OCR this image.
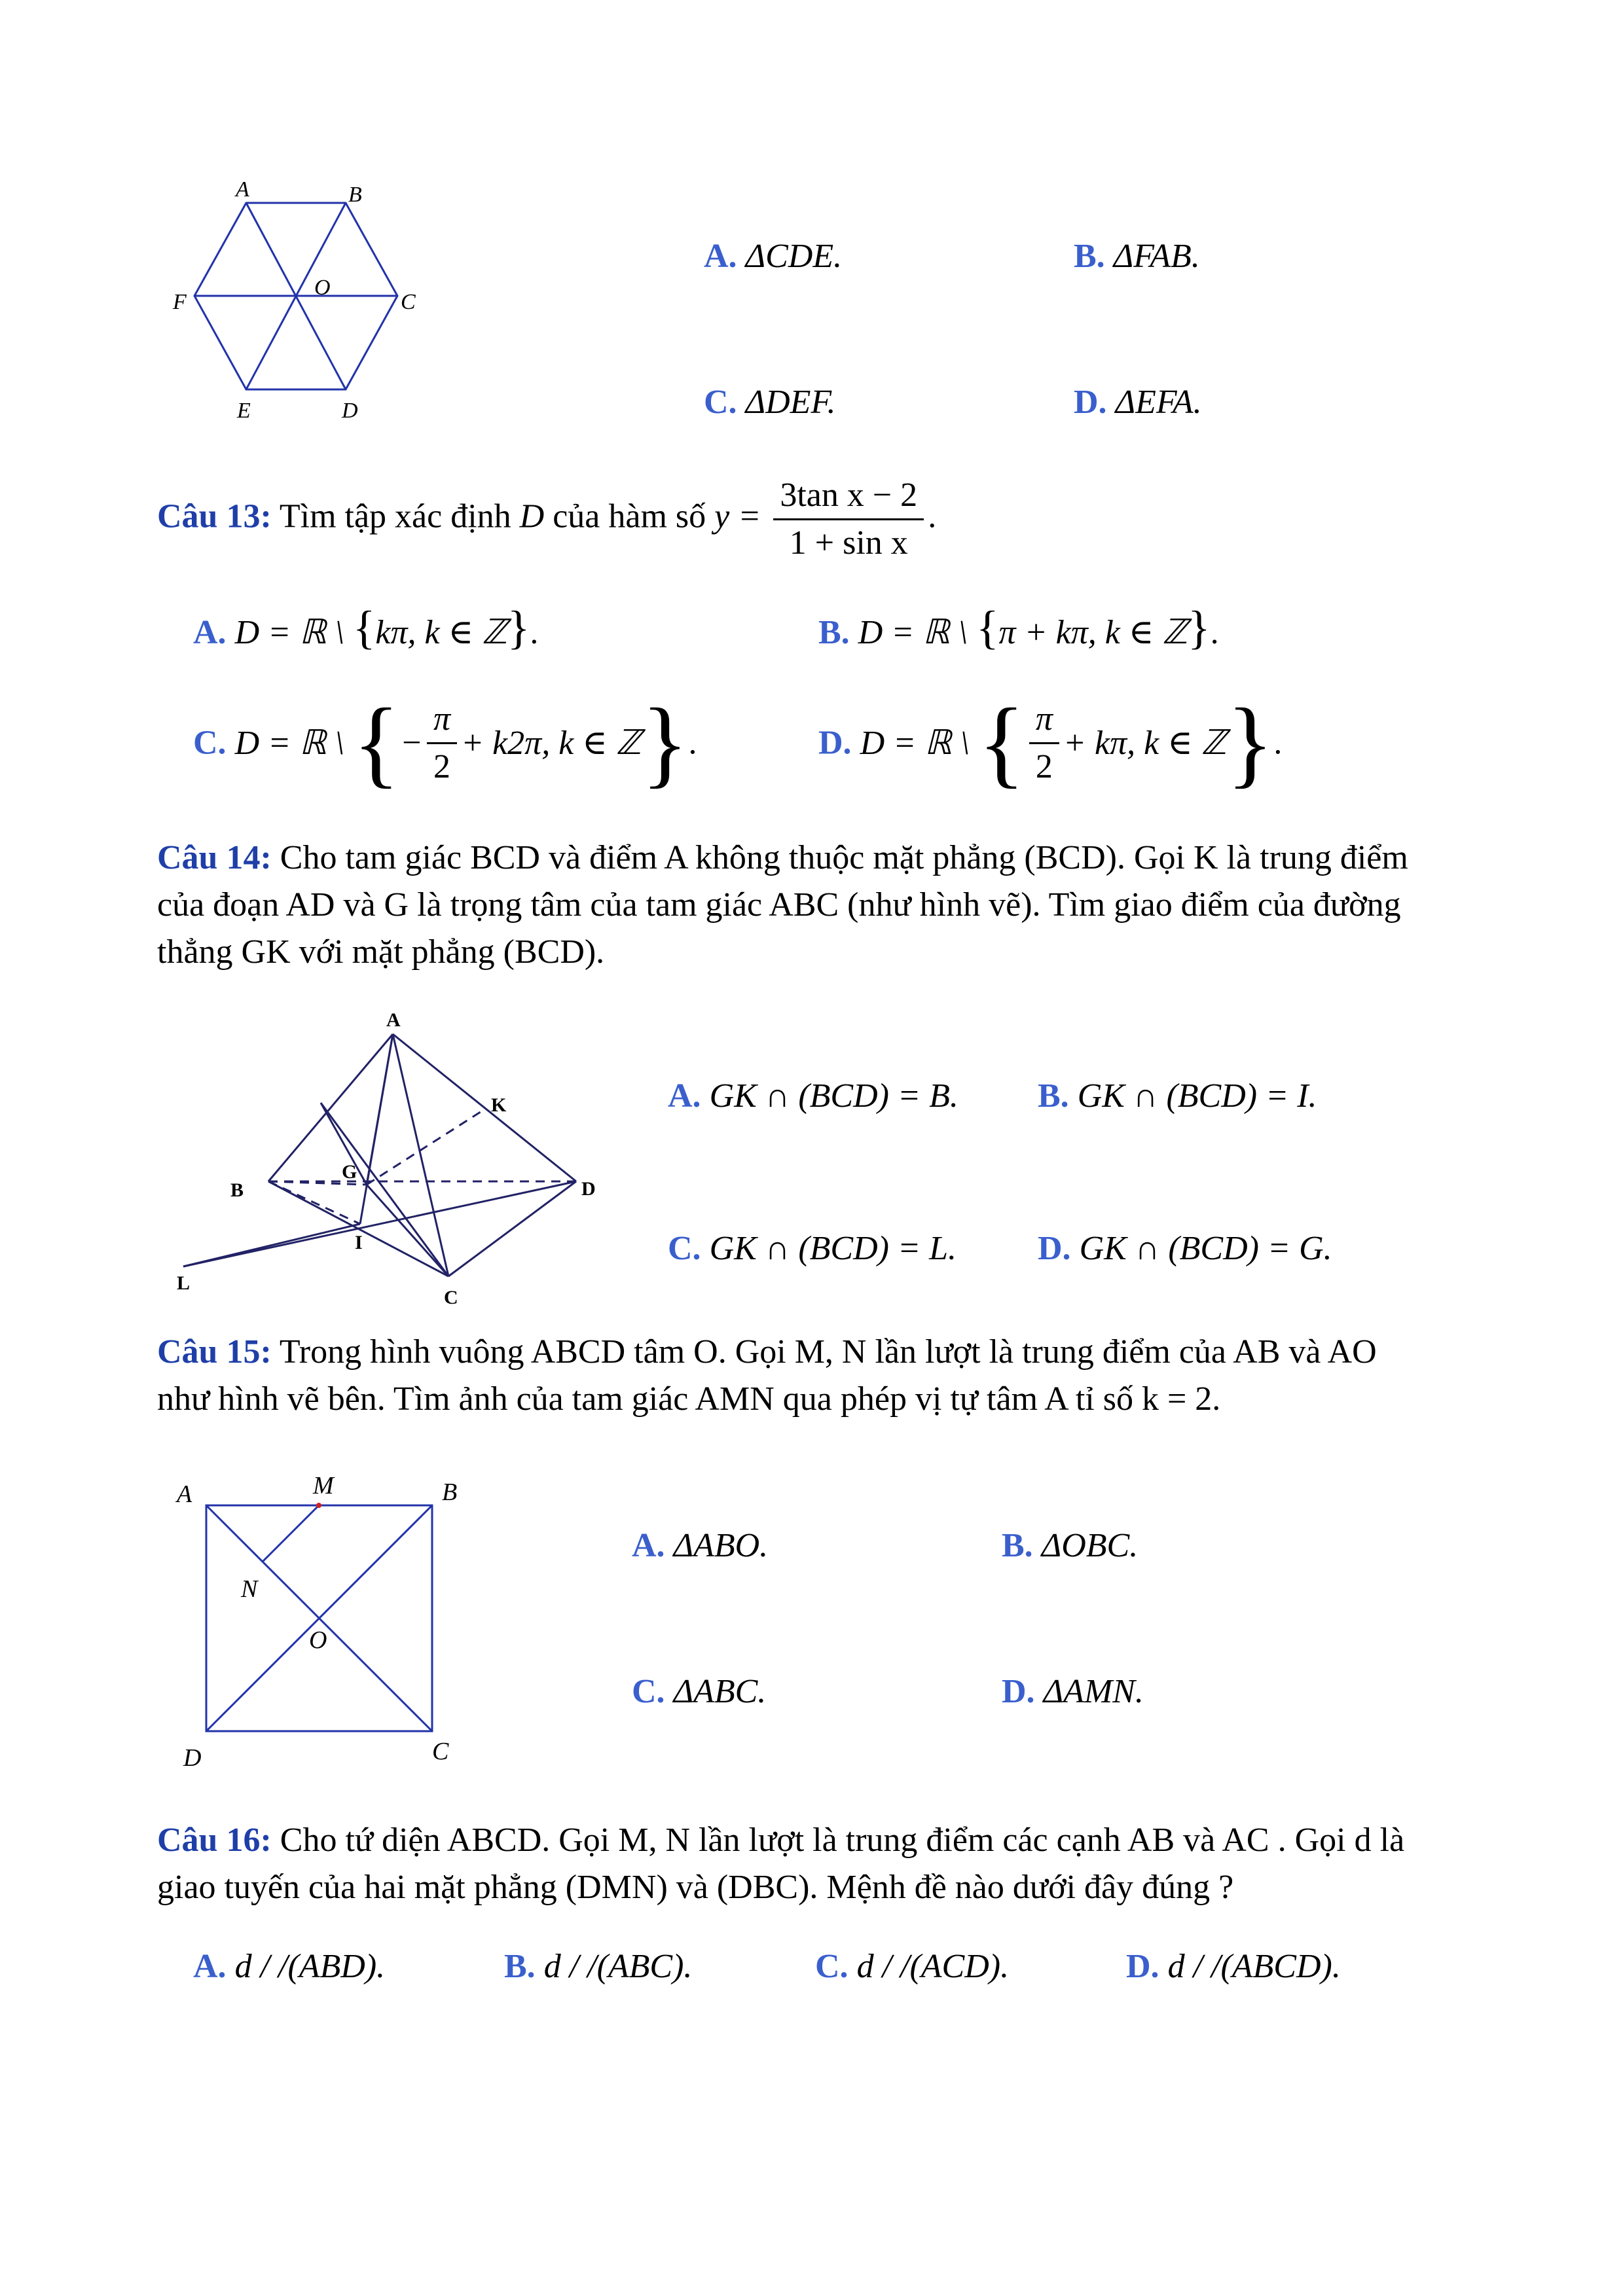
A	B
C
D
E
F
O
A. ΔCDE.	B. ΔFAB.
C. ΔDEF.	D. ΔEFA.
Câu 13: Tìm tập xác định D của hàm số $y = \frac{\text{3tan x − 2}}{\text{1 + sin x}}$ .
A. D = ℝ \ {kπ, k ∈ ℤ}.	B. D = ℝ \ {π + kπ, k ∈ ℤ}.
C. D = ℝ \ {− $\frac{\pi}{2} + k2\pi$, k ∈ ℤ}.	D. D = ℝ \ { $\frac{\pi}{2} + k\pi$, k ∈ ℤ}.
Câu 14: Cho tam giác BCD và điểm A không thuộc mặt phẳng (BCD). Gọi K là trung điểm
của đoạn AD và G là trọng tâm của tam giác ABC (như hình vẽ). Tìm giao điểm của đường
thẳng GK với mặt phẳng (BCD).
A
B
C
D
G
I
K
L
A. GK ∩ (BCD) = B. B. GK ∩ (BCD) = I.
C. GK ∩ (BCD) = L. D. GK ∩ (BCD) = G.
Câu 15: Trong hình vuông ABCD tâm O. Gọi M, N lần lượt là trung điểm của AB và AO
như hình vẽ bên. Tìm ảnh của tam giác AMN qua phép vị tự tâm A tỉ số k = 2.
A	B
C
D
M
N
O
A. ΔABO.	B. ΔOBC.
C. ΔABC.	D. ΔAMN.
Câu 16: Cho tứ diện ABCD. Gọi M, N lần lượt là trung điểm các cạnh AB và AC . Gọi d là
giao tuyến của hai mặt phẳng (DMN) và (DBC). Mệnh đề nào dưới đây đúng ?
A. d / /(ABD).	B. d / /(ABC).	C. d / /(ACD).	D. d / /(ABCD).
